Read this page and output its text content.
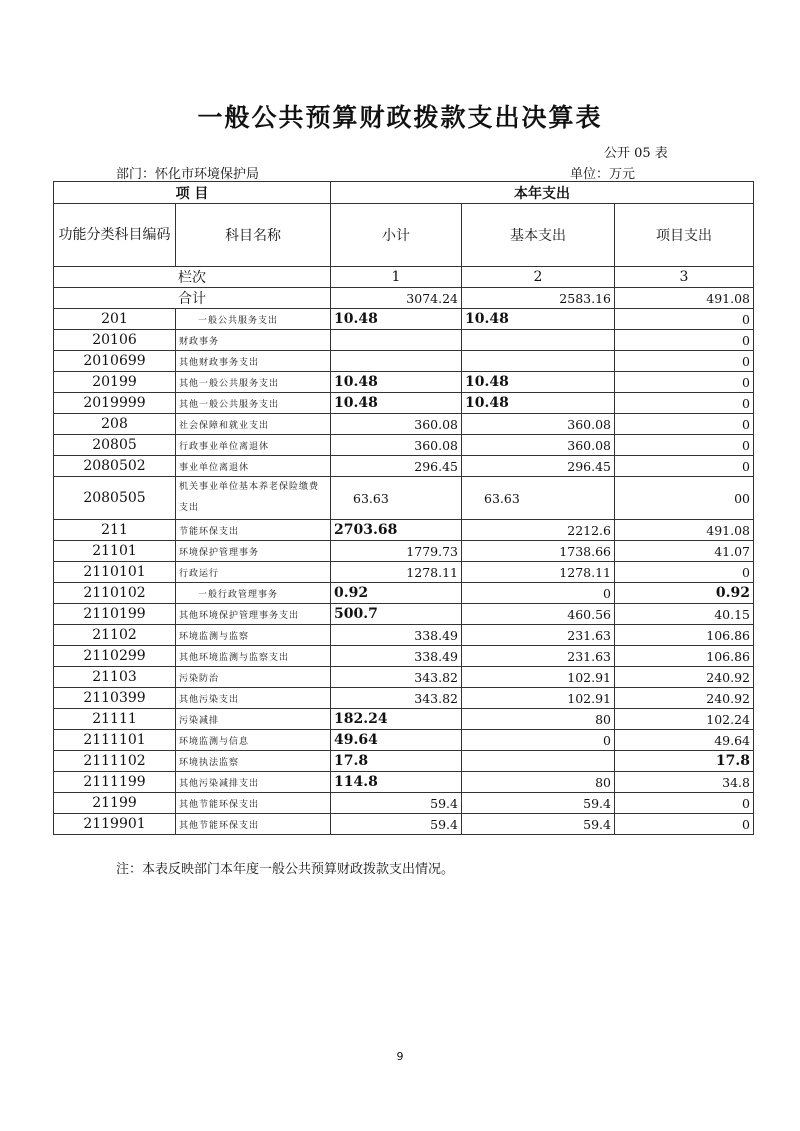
一般公共预算财政拨款支出决算表
公开 05 表
部门：怀化市环境保护局	单位：万元
项 目		本年支出		
功能分类科目编码	科目名称	小计	基本支出	项目支出
栏次		1	2	3
合计		3074.24	2583.16	491.08
201	一般公共服务支出	10.48	10.48	0
20106	财政事务			0
2010699	其他财政事务支出			0
20199	其他一般公共服务支出	10.48	10.48	0
2019999	其他一般公共服务支出	10.48	10.48	0
208	社会保障和就业支出	360.08	360.08	0
20805	行政事业单位离退休	360.08	360.08	0
2080502	事业单位离退休	296.45	296.45	0
2080505	机关事业单位基本养老保险缴费支出	63.63	63.63	00
211	节能环保支出	2703.68	2212.6	491.08
21101	环境保护管理事务	1779.73	1738.66	41.07
2110101	行政运行	1278.11	1278.11	0
2110102	一般行政管理事务	0.92	0	0.92
2110199	其他环境保护管理事务支出	500.7	460.56	40.15
21102	环境监测与监察	338.49	231.63	106.86
2110299	其他环境监测与监察支出	338.49	231.63	106.86
21103	污染防治	343.82	102.91	240.92
2110399	其他污染支出	343.82	102.91	240.92
21111	污染减排	182.24	80	102.24
2111101	环境监测与信息	49.64	0	49.64
2111102	环境执法监察	17.8		17.8
2111199	其他污染减排支出	114.8	80	34.8
21199	其他节能环保支出	59.4	59.4	0
2119901	其他节能环保支出	59.4	59.4	0
注：本表反映部门本年度一般公共预算财政拨款支出情况。
9
